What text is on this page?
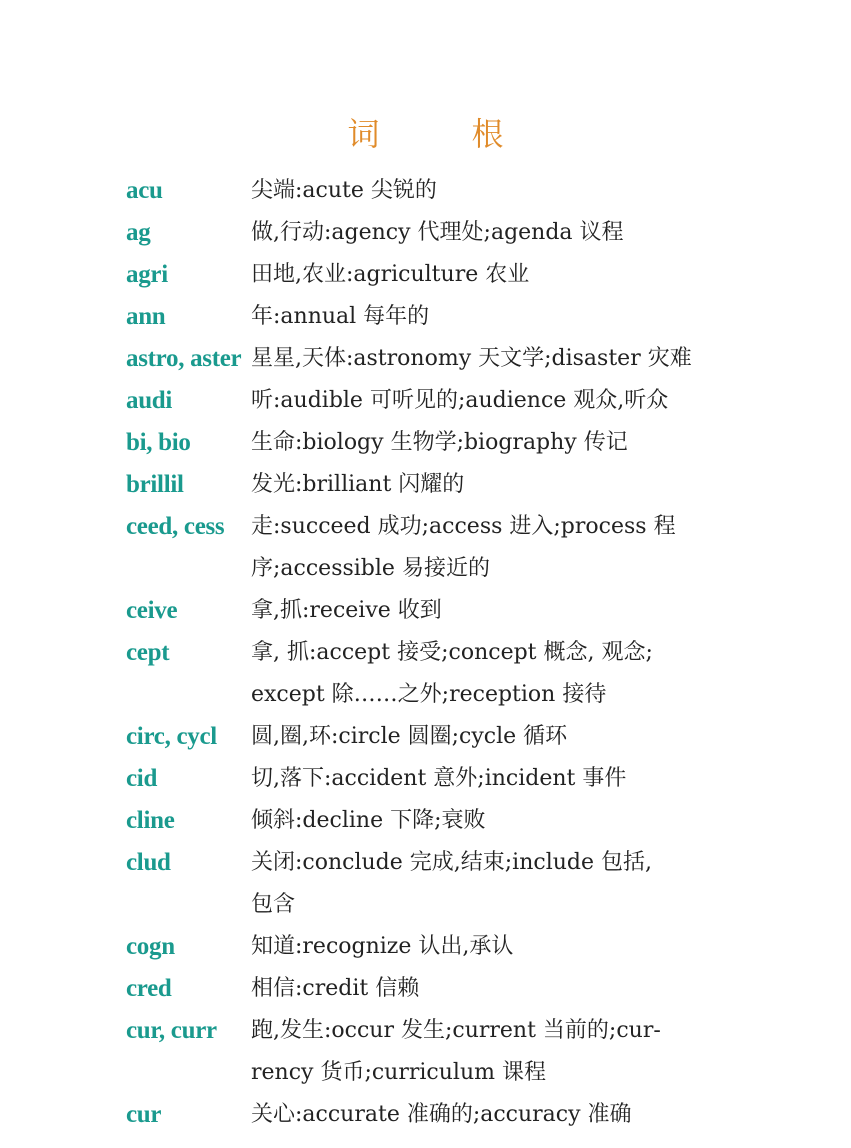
词　根
acu	尖端:acute 尖锐的
ag	做,行动:agency 代理处;agenda 议程
agri	田地,农业:agriculture 农业
ann	年:annual 每年的
astro, aster 星星,天体:astronomy 天文学;disaster 灾难
audi	听:audible 可听见的;audience 观众,听众
bi, bio	生命:biology 生物学;biography 传记
brillil	发光:brilliant 闪耀的
ceed, cess	走:succeed 成功;access 进入;process 程
序;accessible 易接近的
ceive	拿,抓:receive 收到
cept	拿, 抓:accept 接受;concept 概念, 观念;
except 除……之外;reception 接待
circ, cycl	圆,圈,环:circle 圆圈;cycle 循环
cid	切,落下:accident 意外;incident 事件
cline	倾斜:decline 下降;衰败
clud	关闭:conclude 完成,结束;include 包括,
包含
cogn	知道:recognize 认出,承认
cred	相信:credit 信赖
cur, curr	跑,发生:occur 发生;current 当前的;cur-
rency 货币;curriculum 课程
cur	关心:accurate 准确的;accuracy 准确
